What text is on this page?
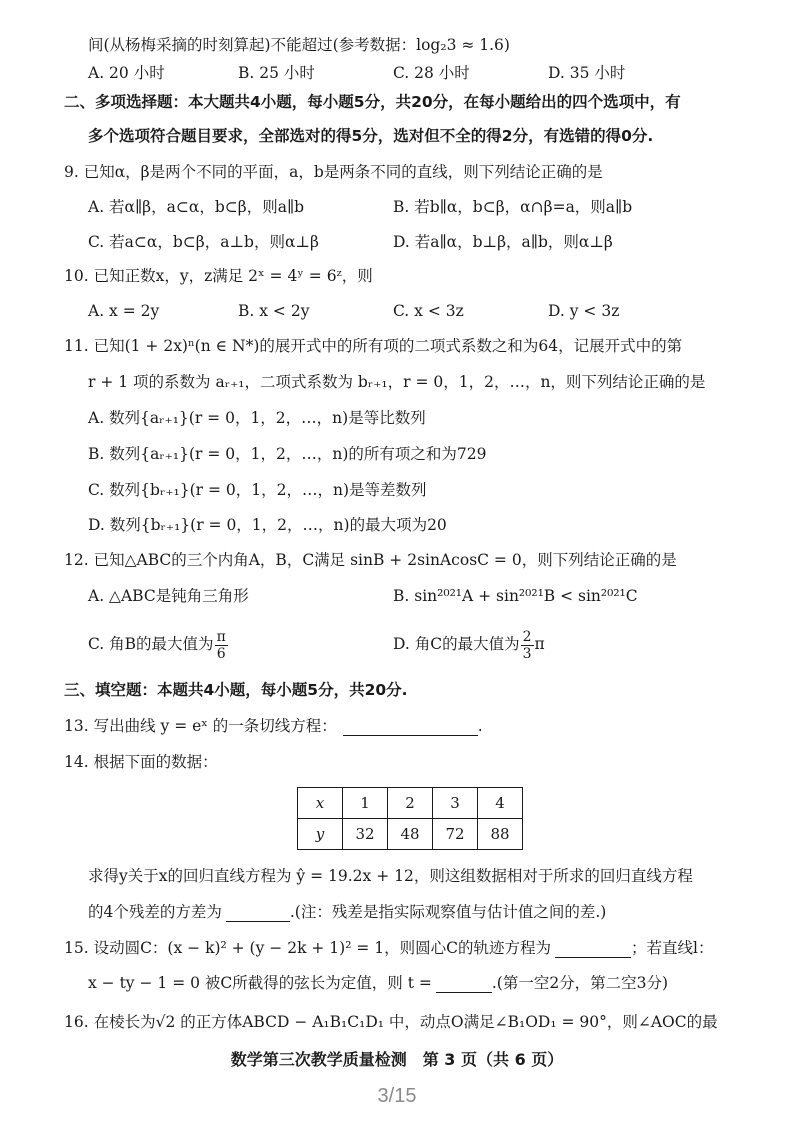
间(从杨梅采摘的时刻算起)不能超过(参考数据：log₂3 ≈ 1.6)
A. 20 小时	B. 25 小时	C. 28 小时	D. 35 小时
二、多项选择题：本大题共4小题，每小题5分，共20分，在每小题给出的四个选项中，有
多个选项符合题目要求，全部选对的得5分，选对但不全的得2分，有选错的得0分.
9. 已知α，β是两个不同的平面，a，b是两条不同的直线，则下列结论正确的是
A. 若α∥β，a⊂α，b⊂β，则a∥b	B. 若b∥α，b⊂β，α∩β=a，则a∥b
C. 若a⊂α，b⊂β，a⊥b，则α⊥β	D. 若a∥α，b⊥β，a∥b，则α⊥β
10. 已知正数x，y，z满足 2ˣ = 4ʸ = 6ᶻ，则
A. x = 2y	B. x < 2y	C. x < 3z	D. y < 3z
11. 已知(1 + 2x)ⁿ(n ∈ N*)的展开式中的所有项的二项式系数之和为64，记展开式中的第
r + 1 项的系数为 aᵣ₊₁，二项式系数为 bᵣ₊₁，r = 0，1，2，…，n，则下列结论正确的是
A. 数列{aᵣ₊₁}(r = 0，1，2，…，n)是等比数列
B. 数列{aᵣ₊₁}(r = 0，1，2，…，n)的所有项之和为729
C. 数列{bᵣ₊₁}(r = 0，1，2，…，n)是等差数列
D. 数列{bᵣ₊₁}(r = 0，1，2，…，n)的最大项为20
12. 已知△ABC的三个内角A，B，C满足 sinB + 2sinAcosC = 0，则下列结论正确的是
A. △ABC是钝角三角形	B. sin²⁰²¹A + sin²⁰²¹B < sin²⁰²¹C
C. 角B的最大值为 $\frac{\pi}{6}$	D. 角C的最大值为 $\frac{2}{3}$ π
三、填空题：本题共4小题，每小题5分，共20分.
13. 写出曲线 y = eˣ 的一条切线方程：	.
14. 根据下面的数据：
x	1	2	3	4
y	32	48	72	88
求得y关于x的回归直线方程为 ŷ = 19.2x + 12，则这组数据相对于所求的回归直线方程
的4个残差的方差为	.(注：残差是指实际观察值与估计值之间的差.)
15. 设动圆C：(x − k)² + (y − 2k + 1)² = 1，则圆心C的轨迹方程为	；若直线l：
x − ty − 1 = 0 被C所截得的弦长为定值，则 t =	.(第一空2分，第二空3分)
16. 在棱长为√2 的正方体ABCD − A₁B₁C₁D₁ 中，动点O满足∠B₁OD₁ = 90°，则∠AOC的最
数学第三次教学质量检测　第 3 页（共 6 页）
3/15
